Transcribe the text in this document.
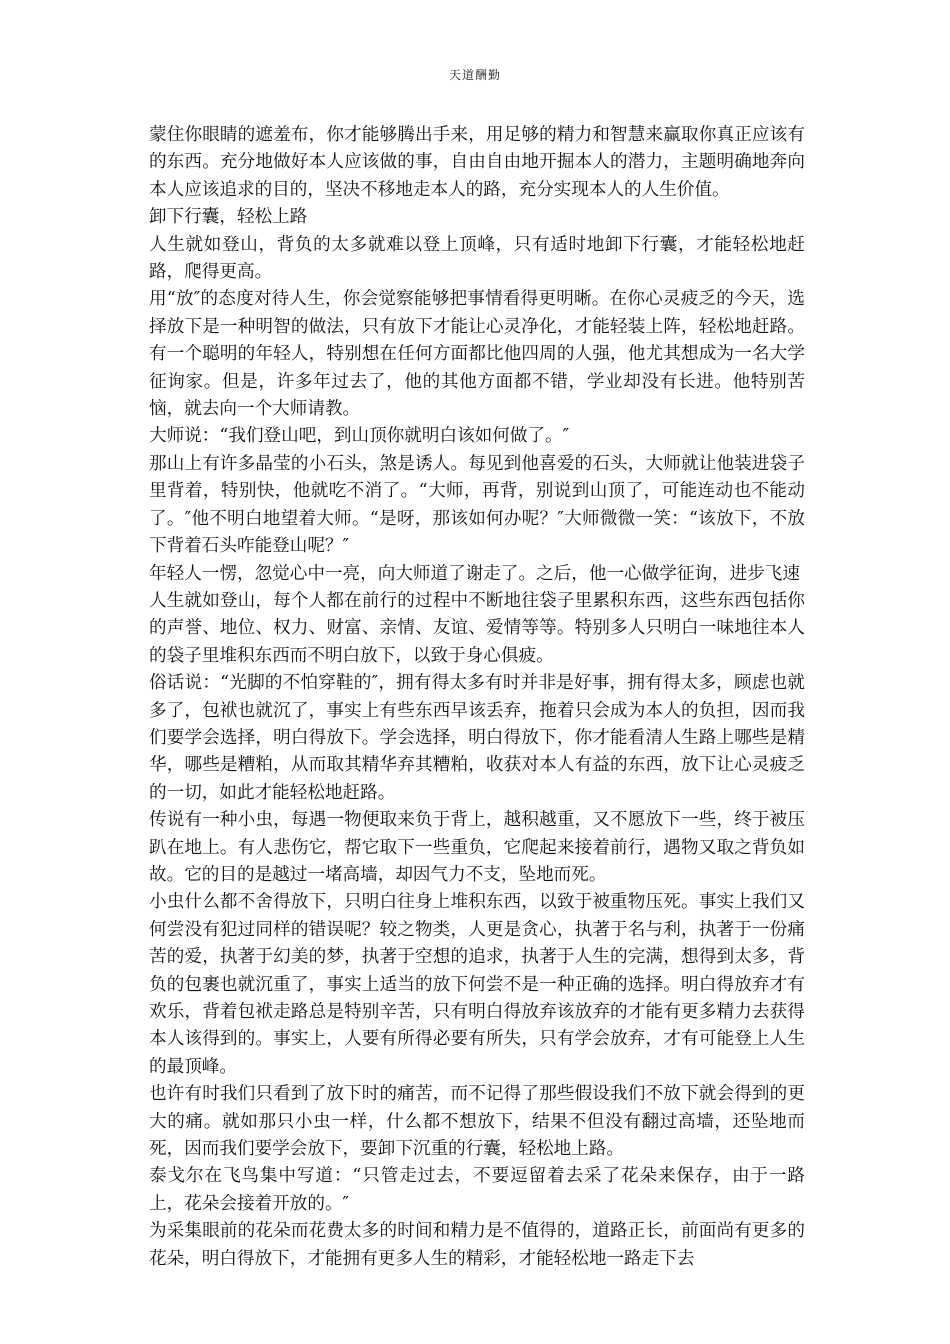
天道酬勤

蒙住你眼睛的遮羞布，你才能够腾出手来，用足够的精力和智慧来赢取你真正应该有的东西。充分地做好本人应该做的事，自由自由地开掘本人的潜力，主题明确地奔向本人应该追求的目的，坚决不移地走本人的路，充分实现本人的人生价值。

卸下行囊，轻松上路

人生就如登山，背负的太多就难以登上顶峰，只有适时地卸下行囊，才能轻松地赶路，爬得更高。

用“放″的态度对待人生，你会觉察能够把事情看得更明晰。在你心灵疲乏的今天，选择放下是一种明智的做法，只有放下才能让心灵净化，才能轻装上阵，轻松地赶路。 有一个聪明的年轻人，特别想在任何方面都比他四周的人强，他尤其想成为一名大学征询家。但是，许多年过去了，他的其他方面都不错，学业却没有长进。他特别苦恼，就去向一个大师请教。

大师说：“我们登山吧，到山顶你就明白该如何做了。″

那山上有许多晶莹的小石头，煞是诱人。每见到他喜爱的石头，大师就让他装进袋子里背着，特别快，他就吃不消了。“大师，再背，别说到山顶了，可能连动也不能动了。″他不明白地望着大师。“是呀，那该如何办呢？″大师微微一笑：“该放下，不放下背着石头咋能登山呢？″

年轻人一愣，忽觉心中一亮，向大师道了谢走了。之后，他一心做学征询，进步飞速

人生就如登山，每个人都在前行的过程中不断地往袋子里累积东西，这些东西包括你的声誉、地位、权力、财富、亲情、友谊、爱情等等。特别多人只明白一味地往本人的袋子里堆积东西而不明白放下，以致于身心俱疲。

俗话说：“光脚的不怕穿鞋的″，拥有得太多有时并非是好事，拥有得太多，顾虑也就多了，包袱也就沉了，事实上有些东西早该丢弃，拖着只会成为本人的负担，因而我们要学会选择，明白得放下。学会选择，明白得放下，你才能看清人生路上哪些是精华，哪些是糟粕，从而取其精华弃其糟粕，收获对本人有益的东西，放下让心灵疲乏的一切，如此才能轻松地赶路。

传说有一种小虫，每遇一物便取来负于背上，越积越重，又不愿放下一些，终于被压趴在地上。有人悲伤它，帮它取下一些重负，它爬起来接着前行，遇物又取之背负如故。它的目的是越过一堵高墙，却因气力不支，坠地而死。

小虫什么都不舍得放下，只明白往身上堆积东西，以致于被重物压死。事实上我们又何尝没有犯过同样的错误呢？较之物类，人更是贪心，执著于名与利，执著于一份痛苦的爱，执著于幻美的梦，执著于空想的追求，执著于人生的完满，想得到太多，背负的包裹也就沉重了，事实上适当的放下何尝不是一种正确的选择。明白得放弃才有欢乐，背着包袱走路总是特别辛苦，只有明白得放弃该放弃的才能有更多精力去获得本人该得到的。事实上，人要有所得必要有所失，只有学会放弃，才有可能登上人生的最顶峰。

也许有时我们只看到了放下时的痛苦，而不记得了那些假设我们不放下就会得到的更大的痛。就如那只小虫一样，什么都不想放下，结果不但没有翻过高墙，还坠地而死，因而我们要学会放下，要卸下沉重的行囊，轻松地上路。

泰戈尔在飞鸟集中写道：“只管走过去，不要逗留着去采了花朵来保存，由于一路上，花朵会接着开放的。″

为采集眼前的花朵而花费太多的时间和精力是不值得的，道路正长，前面尚有更多的花朵，明白得放下，才能拥有更多人生的精彩，才能轻松地一路走下去
